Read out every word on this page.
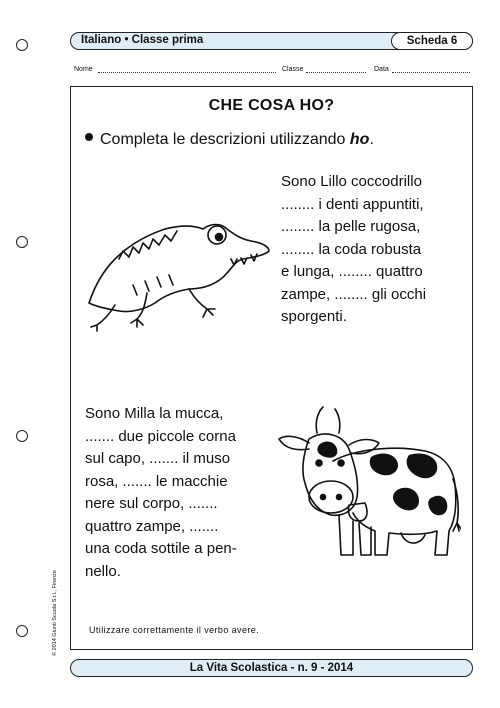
Italiano • Classe prima	Scheda 6
Nome	Classe	Data
CHE COSA HO?
Completa le descrizioni utilizzando ho.
Sono Lillo coccodrillo
........ i denti appuntiti,
........ la pelle rugosa,
........ la coda robusta
e lunga, ........ quattro
zampe, ........ gli occhi
sporgenti.
Sono Milla la mucca,
....... due piccole corna
sul capo, ....... il muso
rosa, ....... le macchie
nere sul corpo, .......
quattro zampe, .......
una coda sottile a pen-
nello.
Utilizzare correttamente il verbo avere.
© 2014 Giunti Scuola S.r.l., Firenze
La Vita Scolastica - n. 9 - 2014
